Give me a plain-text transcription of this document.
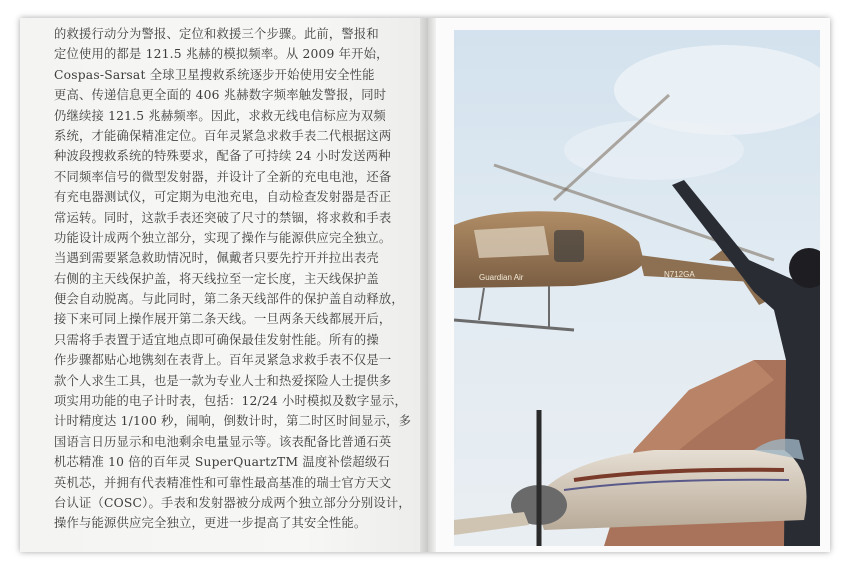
的救援行动分为警报、定位和救援三个步骤。此前，警报和
定位使用的都是 121.5 兆赫的模拟频率。从 2009 年开始，
Cospas-Sarsat 全球卫星搜救系统逐步开始使用安全性能
更高、传递信息更全面的 406 兆赫数字频率触发警报，同时
仍继续接 121.5 兆赫频率。因此，求救无线电信标应为双频
系统，才能确保精准定位。百年灵紧急求救手表二代根据这两
种波段搜救系统的特殊要求，配备了可持续 24 小时发送两种
不同频率信号的微型发射器，并设计了全新的充电电池，还备
有充电器测试仪，可定期为电池充电，自动检查发射器是否正
常运转。同时，这款手表还突破了尺寸的禁锢，将求救和手表
功能设计成两个独立部分，实现了操作与能源供应完全独立。
当遇到需要紧急救助情况时，佩戴者只要先拧开并拉出表壳
右侧的主天线保护盖，将天线拉至一定长度，主天线保护盖
便会自动脱离。与此同时，第二条天线部件的保护盖自动释放，
接下来可同上操作展开第二条天线。一旦两条天线都展开后，
只需将手表置于适宜地点即可确保最佳发射性能。所有的操
作步骤都贴心地镌刻在表背上。百年灵紧急求救手表不仅是一
款个人求生工具，也是一款为专业人士和热爱探险人士提供多
项实用功能的电子计时表，包括：12/24 小时模拟及数字显示，
计时精度达 1/100 秒，闹响，倒数计时，第二时区时间显示，多
国语言日历显示和电池剩余电量显示等。该表配备比普通石英
机芯精准 10 倍的百年灵 SuperQuartzTM 温度补偿超级石
英机芯，并拥有代表精准性和可靠性最高基准的瑞士官方天文
台认证（COSC）。手表和发射器被分成两个独立部分分别设计，
操作与能源供应完全独立，更进一步提高了其安全性能。
Guardian Air	N712GA
